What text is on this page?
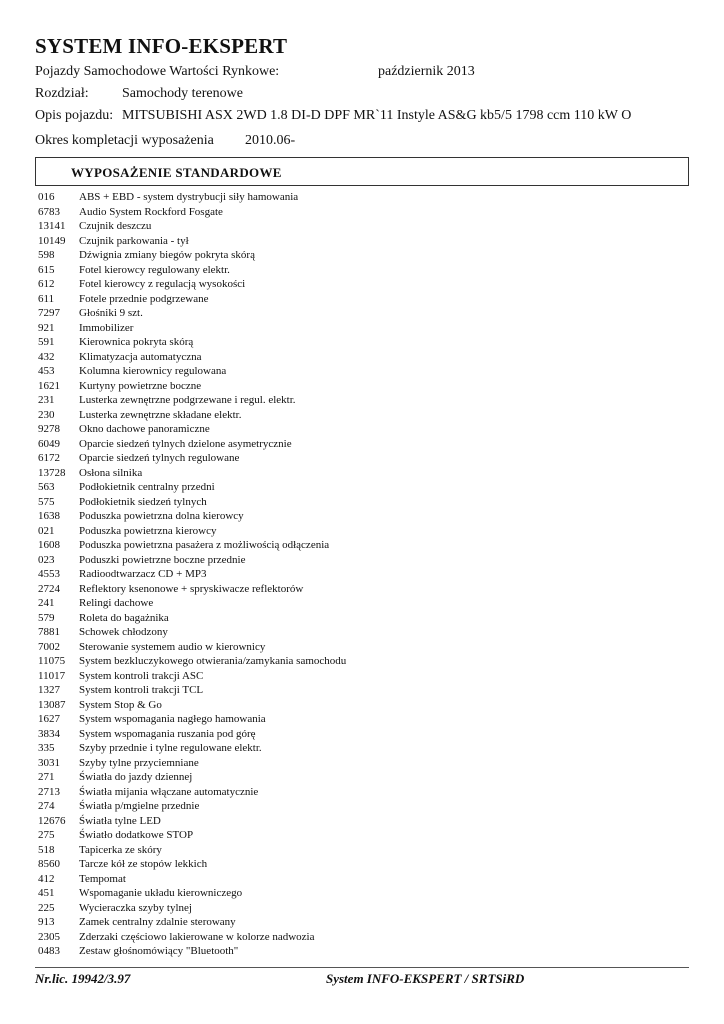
SYSTEM INFO-EKSPERT
Pojazdy Samochodowe Wartości Rynkowe:	październik 2013
Rozdział: Samochody terenowe
Opis pojazdu: MITSUBISHI ASX 2WD 1.8 DI-D DPF MR`11 Instyle AS&G kb5/5 1798 ccm 110 kW O
Okres kompletacji wyposażenia 2010.06-
WYPOSAŻENIE STANDARDOWE
016 ABS + EBD - system dystrybucji siły hamowania
6783 Audio System Rockford Fosgate
13141 Czujnik deszczu
10149 Czujnik parkowania - tył
598 Dźwignia zmiany biegów pokryta skórą
615 Fotel kierowcy regulowany elektr.
612 Fotel kierowcy z regulacją wysokości
611 Fotele przednie podgrzewane
7297 Głośniki 9 szt.
921 Immobilizer
591 Kierownica pokryta skórą
432 Klimatyzacja automatyczna
453 Kolumna kierownicy regulowana
1621 Kurtyny powietrzne boczne
231 Lusterka zewnętrzne podgrzewane i regul. elektr.
230 Lusterka zewnętrzne składane elektr.
9278 Okno dachowe panoramiczne
6049 Oparcie siedzeń tylnych dzielone asymetrycznie
6172 Oparcie siedzeń tylnych regulowane
13728 Osłona silnika
563 Podłokietnik centralny przedni
575 Podłokietnik siedzeń tylnych
1638 Poduszka powietrzna dolna kierowcy
021 Poduszka powietrzna kierowcy
1608 Poduszka powietrzna pasażera z możliwością odłączenia
023 Poduszki powietrzne boczne przednie
4553 Radioodtwarzacz CD + MP3
2724 Reflektory ksenonowe + spryskiwacze reflektorów
241 Relingi dachowe
579 Roleta do bagażnika
7881 Schowek chłodzony
7002 Sterowanie systemem audio w kierownicy
11075 System bezkluczykowego otwierania/zamykania samochodu
11017 System kontroli trakcji ASC
1327 System kontroli trakcji TCL
13087 System Stop & Go
1627 System wspomagania nagłego hamowania
3834 System wspomagania ruszania pod górę
335 Szyby przednie i tylne regulowane elektr.
3031 Szyby tylne przyciemniane
271 Światła do jazdy dziennej
2713 Światła mijania włączane automatycznie
274 Światła p/mgielne przednie
12676 Światła tylne LED
275 Światło dodatkowe STOP
518 Tapicerka ze skóry
8560 Tarcze kół ze stopów lekkich
412 Tempomat
451 Wspomaganie układu kierowniczego
225 Wycieraczka szyby tylnej
913 Zamek centralny zdalnie sterowany
2305 Zderzaki częściowo lakierowane w kolorze nadwozia
0483 Zestaw głośnomówiący "Bluetooth"
Nr.lic. 19942/3.97	System INFO-EKSPERT / SRTSiRD
